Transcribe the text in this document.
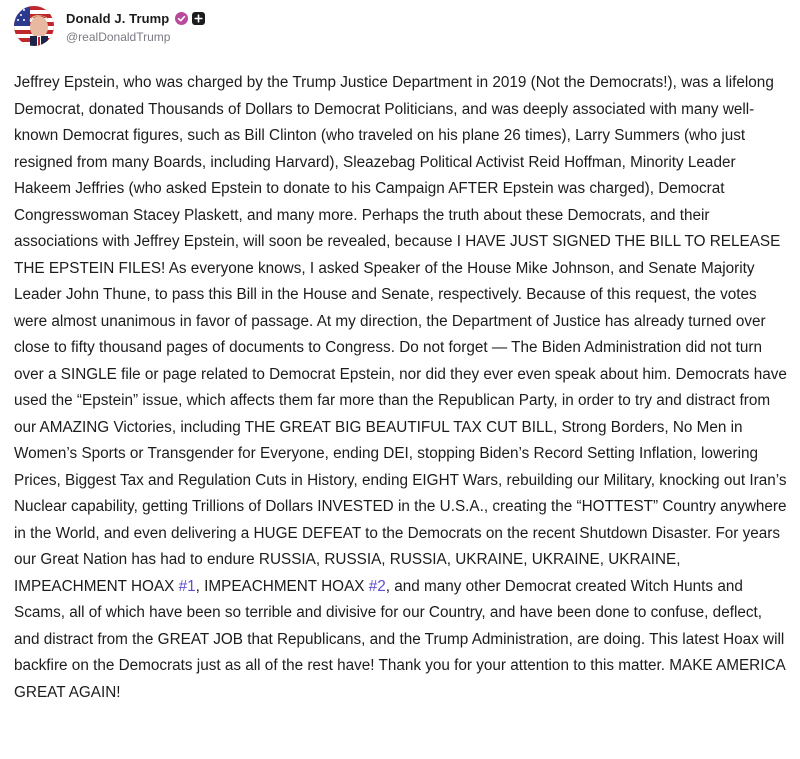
Donald J. Trump
@realDonaldTrump
Jeffrey Epstein, who was charged by the Trump Justice Department in 2019 (Not the Democrats!), was a lifelong Democrat, donated Thousands of Dollars to Democrat Politicians, and was deeply associated with many well-known Democrat figures, such as Bill Clinton (who traveled on his plane 26 times), Larry Summers (who just resigned from many Boards, including Harvard), Sleazebag Political Activist Reid Hoffman, Minority Leader Hakeem Jeffries (who asked Epstein to donate to his Campaign AFTER Epstein was charged), Democrat Congresswoman Stacey Plaskett, and many more. Perhaps the truth about these Democrats, and their associations with Jeffrey Epstein, will soon be revealed, because I HAVE JUST SIGNED THE BILL TO RELEASE THE EPSTEIN FILES! As everyone knows, I asked Speaker of the House Mike Johnson, and Senate Majority Leader John Thune, to pass this Bill in the House and Senate, respectively. Because of this request, the votes were almost unanimous in favor of passage. At my direction, the Department of Justice has already turned over close to fifty thousand pages of documents to Congress. Do not forget — The Biden Administration did not turn over a SINGLE file or page related to Democrat Epstein, nor did they ever even speak about him. Democrats have used the “Epstein” issue, which affects them far more than the Republican Party, in order to try and distract from our AMAZING Victories, including THE GREAT BIG BEAUTIFUL TAX CUT BILL, Strong Borders, No Men in Women’s Sports or Transgender for Everyone, ending DEI, stopping Biden’s Record Setting Inflation, lowering Prices, Biggest Tax and Regulation Cuts in History, ending EIGHT Wars, rebuilding our Military, knocking out Iran’s Nuclear capability, getting Trillions of Dollars INVESTED in the U.S.A., creating the “HOTTEST” Country anywhere in the World, and even delivering a HUGE DEFEAT to the Democrats on the recent Shutdown Disaster. For years our Great Nation has had to endure RUSSIA, RUSSIA, RUSSIA, UKRAINE, UKRAINE, UKRAINE, IMPEACHMENT HOAX #1, IMPEACHMENT HOAX #2, and many other Democrat created Witch Hunts and Scams, all of which have been so terrible and divisive for our Country, and have been done to confuse, deflect, and distract from the GREAT JOB that Republicans, and the Trump Administration, are doing. This latest Hoax will backfire on the Democrats just as all of the rest have! Thank you for your attention to this matter. MAKE AMERICA GREAT AGAIN!
